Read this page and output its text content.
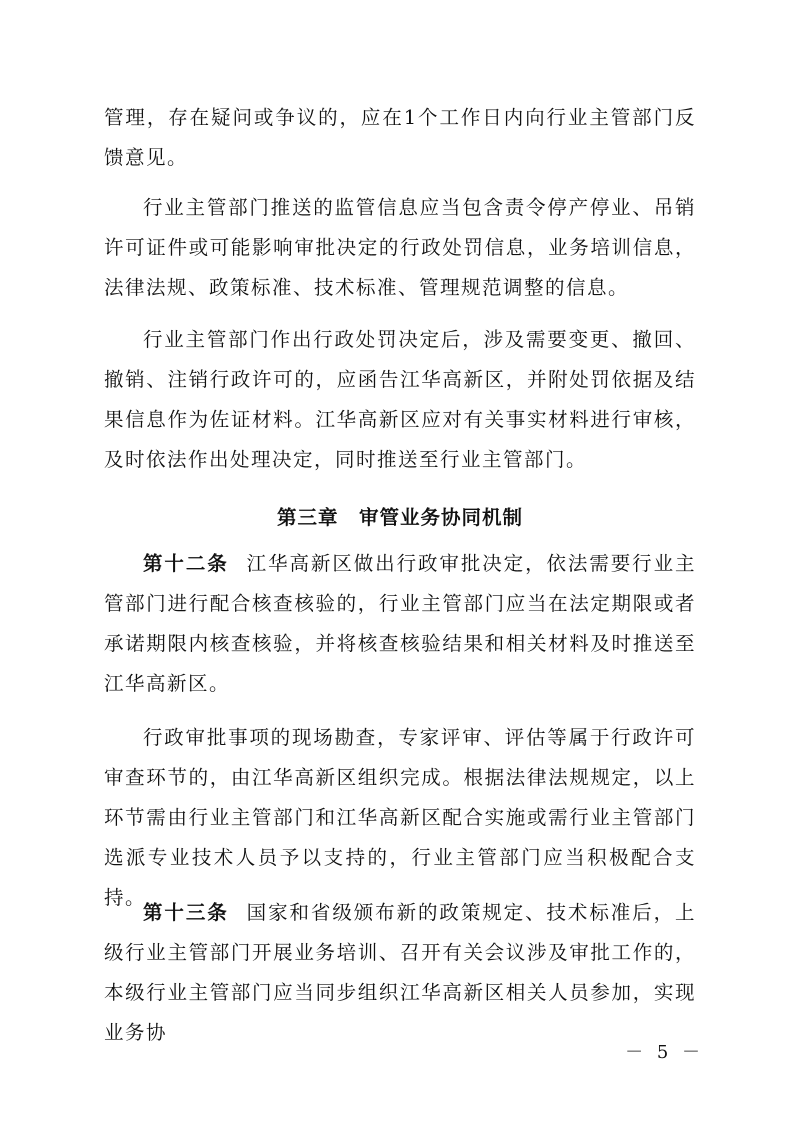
管理，存在疑问或争议的，应在1个工作日内向行业主管部门反馈意见。

行业主管部门推送的监管信息应当包含责令停产停业、吊销许可证件或可能影响审批决定的行政处罚信息，业务培训信息，法律法规、政策标准、技术标准、管理规范调整的信息。

行业主管部门作出行政处罚决定后，涉及需要变更、撤回、撤销、注销行政许可的，应函告江华高新区，并附处罚依据及结果信息作为佐证材料。江华高新区应对有关事实材料进行审核，及时依法作出处理决定，同时推送至行业主管部门。

第三章　审管业务协同机制

第十二条 江华高新区做出行政审批决定，依法需要行业主管部门进行配合核查核验的，行业主管部门应当在法定期限或者承诺期限内核查核验，并将核查核验结果和相关材料及时推送至江华高新区。

行政审批事项的现场勘查，专家评审、评估等属于行政许可审查环节的，由江华高新区组织完成。根据法律法规规定，以上环节需由行业主管部门和江华高新区配合实施或需行业主管部门选派专业技术人员予以支持的，行业主管部门应当积极配合支持。

第十三条 国家和省级颁布新的政策规定、技术标准后，上级行业主管部门开展业务培训、召开有关会议涉及审批工作的，本级行业主管部门应当同步组织江华高新区相关人员参加，实现业务协

－ 5 －
